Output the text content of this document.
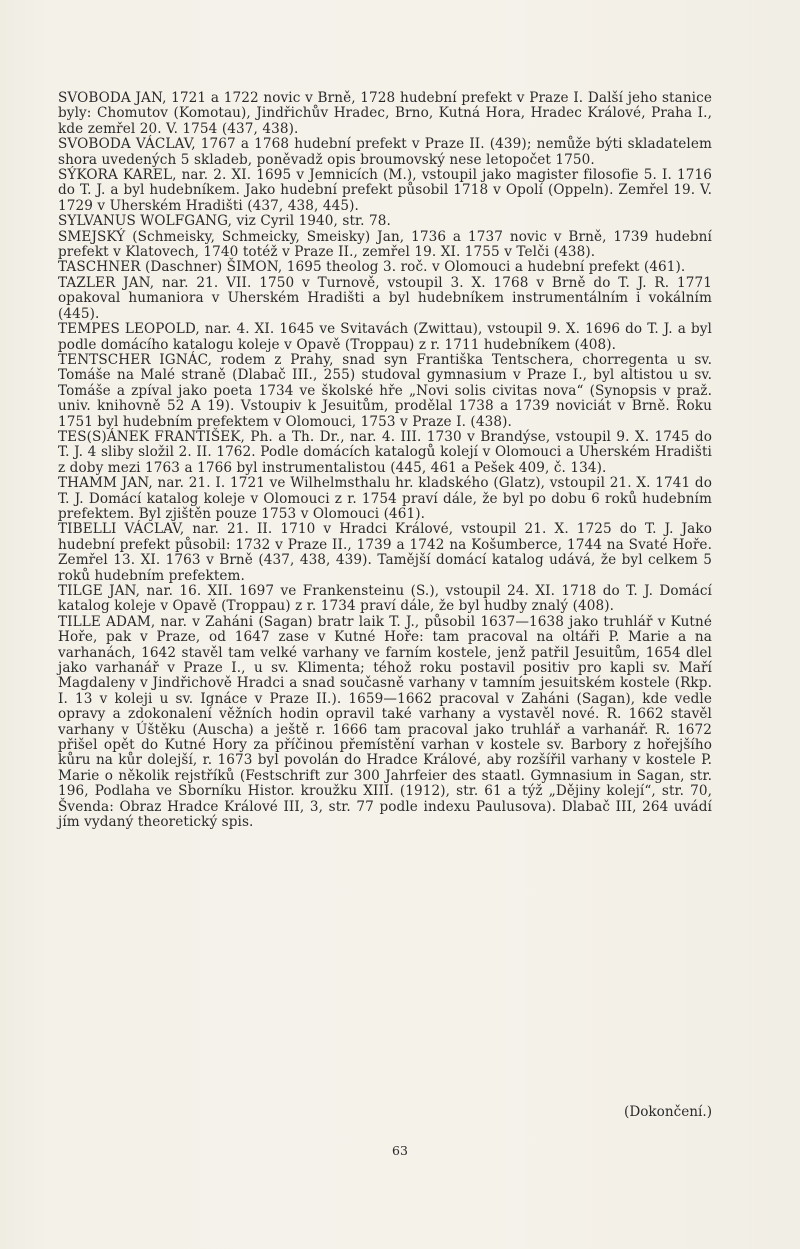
SVOBODA JAN, 1721 a 1722 novic v Brně, 1728 hudební prefekt v Praze I. Další jeho stanice byly: Chomutov (Komotau), Jindřichův Hradec, Brno, Kutná Hora, Hradec Králové, Praha I., kde zemřel 20. V. 1754 (437, 438).

SVOBODA VÁCLAV, 1767 a 1768 hudební prefekt v Praze II. (439); nemůže býti skladatelem shora uvedených 5 skladeb, poněvadž opis broumovský nese letopočet 1750.

SÝKORA KAREL, nar. 2. XI. 1695 v Jemnicích (M.), vstoupil jako magister filosofie 5. I. 1716 do T. J. a byl hudebníkem. Jako hudební prefekt působil 1718 v Opolí (Oppeln). Zemřel 19. V. 1729 v Uherském Hradišti (437, 438, 445).

SYLVANUS WOLFGANG, viz Cyril 1940, str. 78.

SMEJSKÝ (Schmeisky, Schmeicky, Smeisky) Jan, 1736 a 1737 novic v Brně, 1739 hudební prefekt v Klatovech, 1740 totéž v Praze II., zemřel 19. XI. 1755 v Telči (438).

TASCHNER (Daschner) ŠIMON, 1695 theolog 3. roč. v Olomouci a hudební prefekt (461).

TAZLER JAN, nar. 21. VII. 1750 v Turnově, vstoupil 3. X. 1768 v Brně do T. J. R. 1771 opakoval humaniora v Uherském Hradišti a byl hudebníkem instrumentálním i vokálním (445).

TEMPES LEOPOLD, nar. 4. XI. 1645 ve Svitavách (Zwittau), vstoupil 9. X. 1696 do T. J. a byl podle domácího katalogu koleje v Opavě (Troppau) z r. 1711 hudebníkem (408).

TENTSCHER IGNÁC, rodem z Prahy, snad syn Františka Tentschera, chorregenta u sv. Tomáše na Malé straně (Dlabač III., 255) studoval gymnasium v Praze I., byl altistou u sv. Tomáše a zpíval jako poeta 1734 ve školské hře „Novi solis civitas nova“ (Synopsis v praž. univ. knihovně 52 A 19). Vstoupiv k Jesuitům, prodělal 1738 a 1739 noviciát v Brně. Roku 1751 byl hudebním prefektem v Olomouci, 1753 v Praze I. (438).

TES(S)ÁNEK FRANTIŠEK, Ph. a Th. Dr., nar. 4. III. 1730 v Brandýse, vstoupil 9. X. 1745 do T. J. 4 sliby složil 2. II. 1762. Podle domácích katalogů kolejí v Olomouci a Uherském Hradišti z doby mezi 1763 a 1766 byl instrumentalistou (445, 461 a Pešek 409, č. 134).

THAMM JAN, nar. 21. I. 1721 ve Wilhelmsthalu hr. kladského (Glatz), vstoupil 21. X. 1741 do T. J. Domácí katalog koleje v Olomouci z r. 1754 praví dále, že byl po dobu 6 roků hudebním prefektem. Byl zjištěn pouze 1753 v Olomouci (461).

TIBELLI VÁCLAV, nar. 21. II. 1710 v Hradci Králové, vstoupil 21. X. 1725 do T. J. Jako hudební prefekt působil: 1732 v Praze II., 1739 a 1742 na Košumberce, 1744 na Svaté Hoře. Zemřel 13. XI. 1763 v Brně (437, 438, 439). Tamější domácí katalog udává, že byl celkem 5 roků hudebním prefektem.

TILGE JAN, nar. 16. XII. 1697 ve Frankensteinu (S.), vstoupil 24. XI. 1718 do T. J. Domácí katalog koleje v Opavě (Troppau) z r. 1734 praví dále, že byl hudby znalý (408).

TILLE ADAM, nar. v Zaháni (Sagan) bratr laik T. J., působil 1637—1638 jako truhlář v Kutné Hoře, pak v Praze, od 1647 zase v Kutné Hoře: tam pracoval na oltáři P. Marie a na varhanách, 1642 stavěl tam velké varhany ve farním kostele, jenž patřil Jesuitům, 1654 dlel jako varhanář v Praze I., u sv. Klimenta; téhož roku postavil positiv pro kapli sv. Maří Magdaleny v Jindřichově Hradci a snad současně varhany v tamním jesuitském kostele (Rkp. I. 13 v koleji u sv. Ignáce v Praze II.). 1659—1662 pracoval v Zaháni (Sagan), kde vedle opravy a zdokonalení věžních hodin opravil také varhany a vystavěl nové. R. 1662 stavěl varhany v Úštěku (Auscha) a ještě r. 1666 tam pracoval jako truhlář a varhanář. R. 1672 přišel opět do Kutné Hory za příčinou přemístění varhan v kostele sv. Barbory z hořejšího kůru na kůr dolejší, r. 1673 byl povolán do Hradce Králové, aby rozšířil varhany v kostele P. Marie o několik rejstříků (Festschrift zur 300 Jahrfeier des staatl. Gymnasium in Sagan, str. 196, Podlaha ve Sborníku Histor. kroužku XIII. (1912), str. 61 a týž „Dějiny kolejí“, str. 70, Švenda: Obraz Hradce Králové III, 3, str. 77 podle indexu Paulusova). Dlabač III, 264 uvádí jím vydaný theoretický spis.

(Dokončení.)
63
